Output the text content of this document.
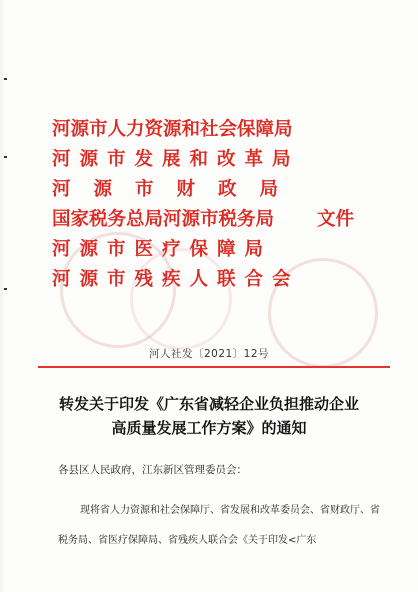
河源市人力资源和社会保障局
河源市发展和改革局
河源市财政局
国家税务总局河源市税务局 文件
河源市医疗保障局
河源市残疾人联合会
河人社发〔2021〕12号
转发关于印发《广东省减轻企业负担推动企业
高质量发展工作方案》的通知
各县区人民政府，江东新区管理委员会：
现将省人力资源和社会保障厅、省发展和改革委员会、省财政厅、省税务局、省医疗保障局、省残疾人联合会《关于印发<广东
